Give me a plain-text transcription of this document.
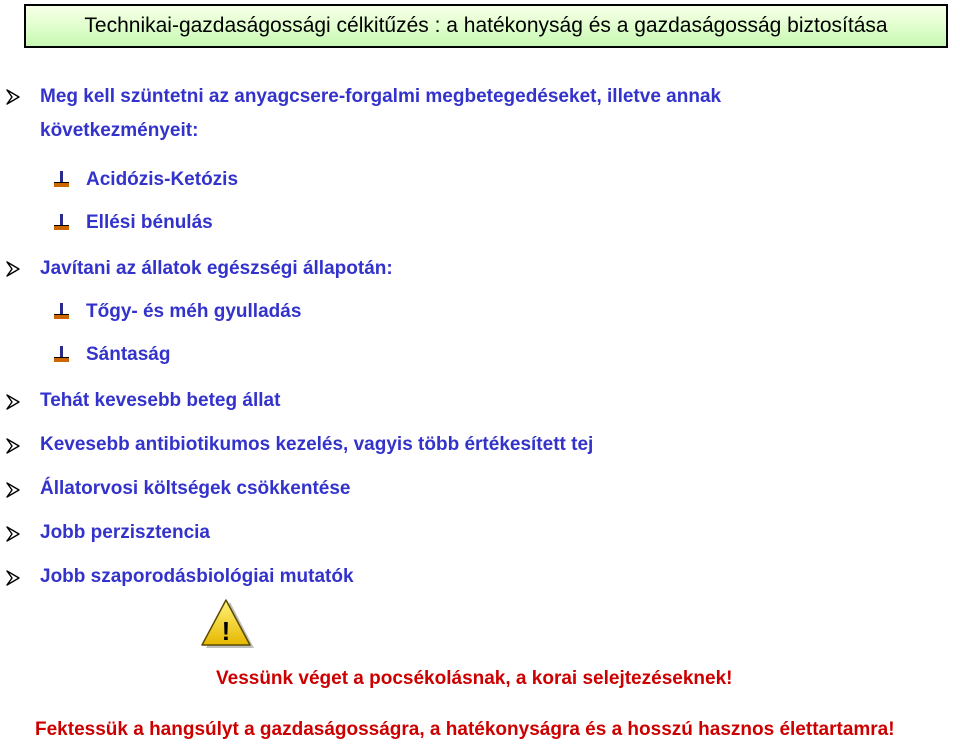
Technikai-gazdaságossági célkitűzés : a hatékonyság és a gazdaságosság biztosítása
Meg kell szüntetni az anyagcsere-forgalmi megbetegedéseket, illetve annak
következményeit:
Acidózis-Ketózis
Ellési bénulás
Javítani az állatok egészségi állapotán:
Tőgy- és méh gyulladás
Sántaság
Tehát kevesebb beteg állat
Kevesebb antibiotikumos kezelés, vagyis több értékesített tej
Állatorvosi költségek csökkentése
Jobb perzisztencia
Jobb szaporodásbiológiai mutatók
!
Vessünk véget a pocsékolásnak, a korai selejtezéseknek!
Fektessük a hangsúlyt a gazdaságosságra, a hatékonyságra és a hosszú hasznos élettartamra!
